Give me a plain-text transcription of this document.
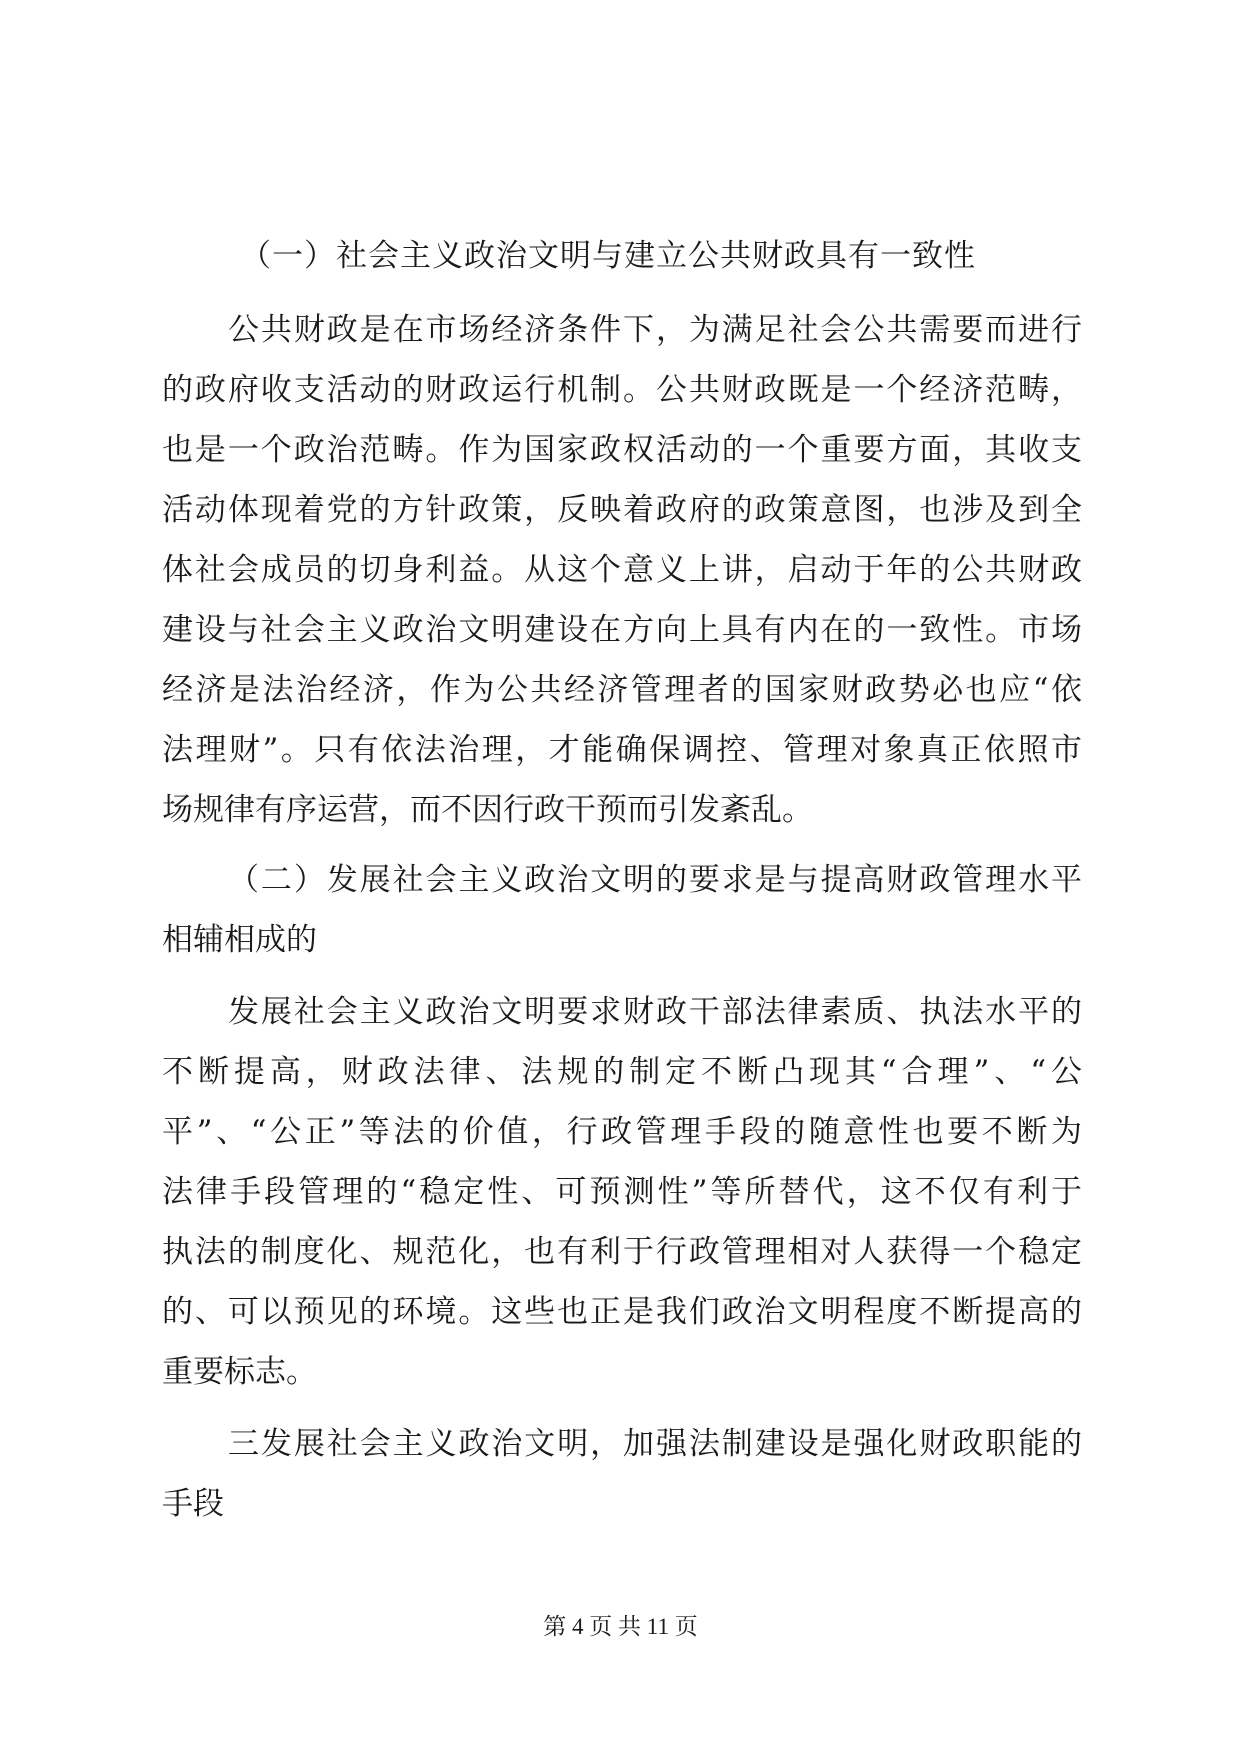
（一）社会主义政治文明与建立公共财政具有一致性
公共财政是在市场经济条件下，为满足社会公共需要而进行
的政府收支活动的财政运行机制。公共财政既是一个经济范畴，
也是一个政治范畴。作为国家政权活动的一个重要方面，其收支
活动体现着党的方针政策，反映着政府的政策意图，也涉及到全
体社会成员的切身利益。从这个意义上讲，启动于年的公共财政
建设与社会主义政治文明建设在方向上具有内在的一致性。市场
经济是法治经济，作为公共经济管理者的国家财政势必也应“依
法理财”。只有依法治理，才能确保调控、管理对象真正依照市
场规律有序运营，而不因行政干预而引发紊乱。
（二）发展社会主义政治文明的要求是与提高财政管理水平
相辅相成的
发展社会主义政治文明要求财政干部法律素质、执法水平的
不断提高，财政法律、法规的制定不断凸现其“合理”、“公
平”、“公正”等法的价值，行政管理手段的随意性也要不断为
法律手段管理的“稳定性、可预测性”等所替代，这不仅有利于
执法的制度化、规范化，也有利于行政管理相对人获得一个稳定
的、可以预见的环境。这些也正是我们政治文明程度不断提高的
重要标志。
三发展社会主义政治文明，加强法制建设是强化财政职能的
手段
第 4 页 共 11 页
